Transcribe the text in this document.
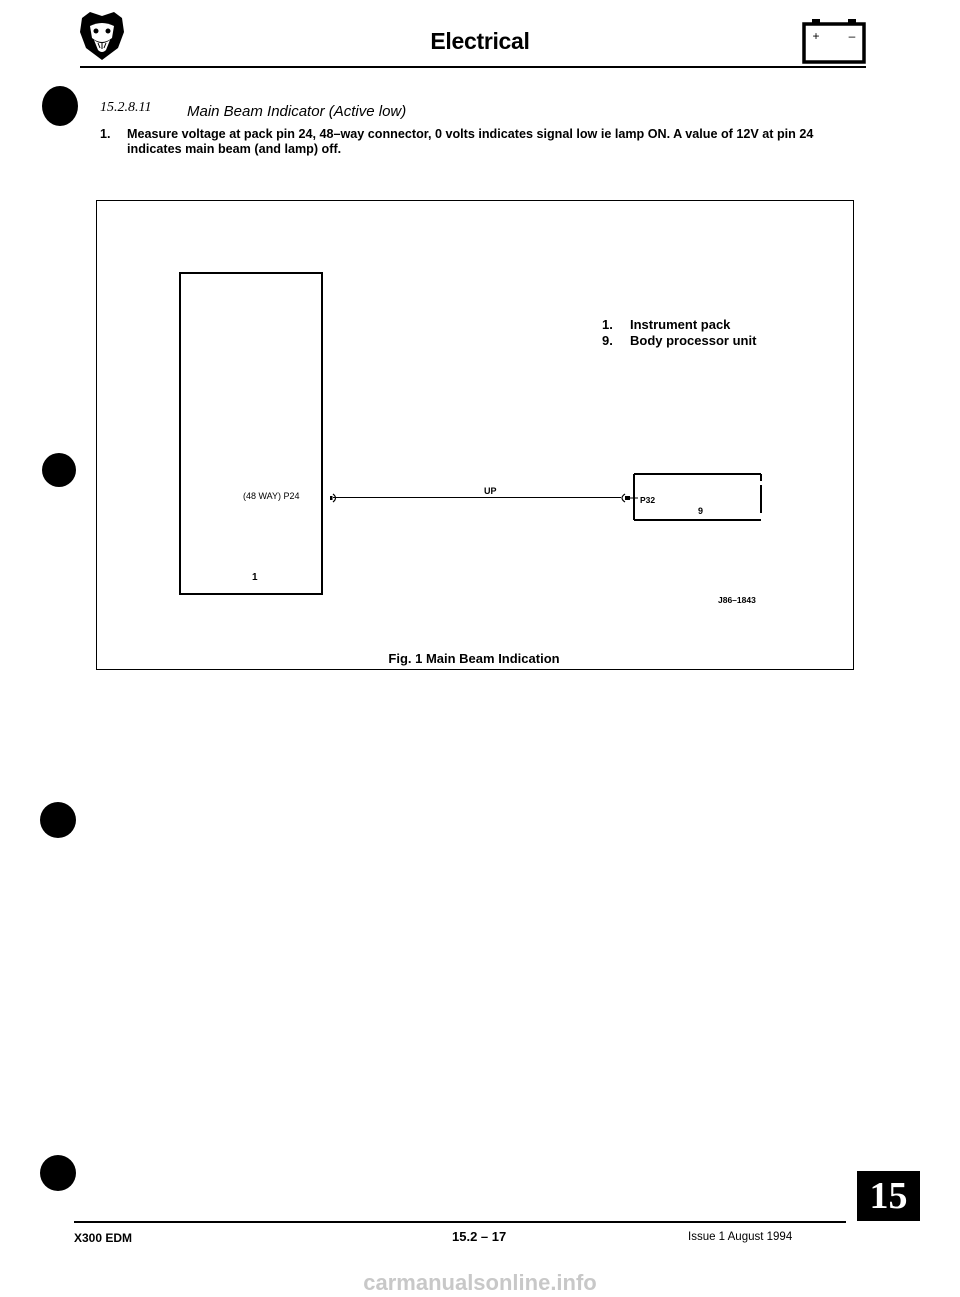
Electrical	+ –
15.2.8.11 Main Beam Indicator (Active low)
1. Measure voltage at pack pin 24, 48–way connector, 0 volts indicates signal low ie lamp ON. A value of 12V at pin 24 indicates main beam (and lamp) off.
1
(48 WAY) P24	UP
P32
9
1. Instrument pack
9. Body processor unit
J86–1843
Fig. 1 Main Beam Indication
15
X300 EDM	15.2 – 17	Issue 1 August 1994
carmanualsonline.info
